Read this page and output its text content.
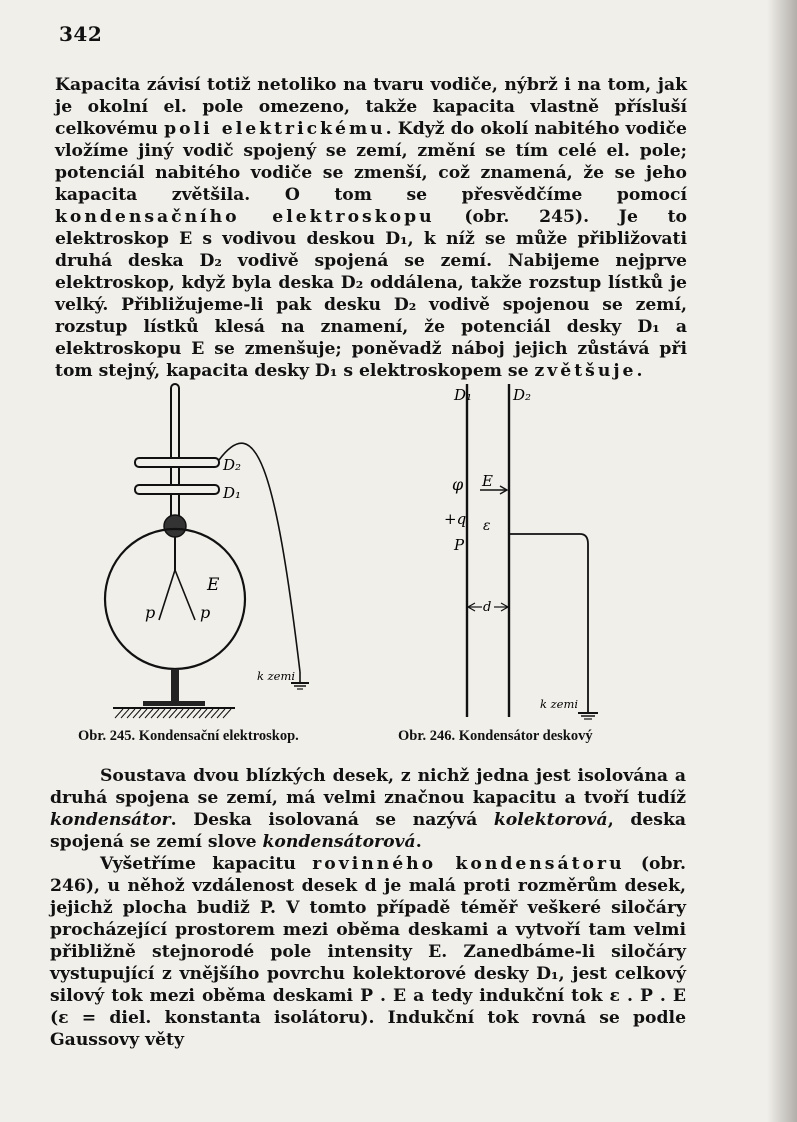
342

Kapacita závisí totiž netoliko na tvaru vodiče, nýbrž i na tom, jak je okolní el. pole omezeno, takže kapacita vlastně přísluší celkovému poli elektrickému. Když do okolí nabitého vodiče vložíme jiný vodič spojený se zemí, změní se tím celé el. pole; potenciál nabitého vodiče se zmenší, což znamená, že se jeho kapacita zvětšila. O tom se přesvědčíme pomocí kondensačního elektroskopu (obr. 245). Je to elektroskop E s vodivou deskou D₁, k níž se může přibližovati druhá deska D₂ vodivě spojená se zemí. Nabijeme nejprve elektroskop, když byla deska D₂ oddálena, takže rozstup lístků je velký. Přibližujeme-li pak desku D₂ vodivě spojenou se zemí, rozstup lístků klesá na znamení, že potenciál desky D₁ a elektroskopu E se zmenšuje; poněvadž náboj jejich zůstává při tom stejný, kapacita desky D₁ s elektroskopem se zvětšuje.

D₂
D₁
E
p	p
k zemi
D₁	D₂
φ E
+q ε
P
d
k zemi
Obr. 245. Kondensační elektroskop.	Obr. 246. Kondensátor deskový

Soustava dvou blízkých desek, z nichž jedna jest isolována a druhá spojena se zemí, má velmi značnou kapacitu a tvoří tudíž kondensátor. Deska isolovaná se nazývá kolektorová, deska spojená se zemí slove kondensátorová.

Vyšetříme kapacitu rovinného kondensátoru (obr. 246), u něhož vzdálenost desek d je malá proti rozměrům desek, jejichž plocha budiž P. V tomto případě téměř veškeré siločáry procházející prostorem mezi oběma deskami a vytvoří tam velmi přibližně stejnorodé pole intensity E. Zanedbáme-li siločáry vystupující z vnějšího povrchu kolektorové desky D₁, jest celkový silový tok mezi oběma deskami P . E a tedy indukční tok ε . P . E (ε = diel. konstanta isolátoru). Indukční tok rovná se podle Gaussovy věty
